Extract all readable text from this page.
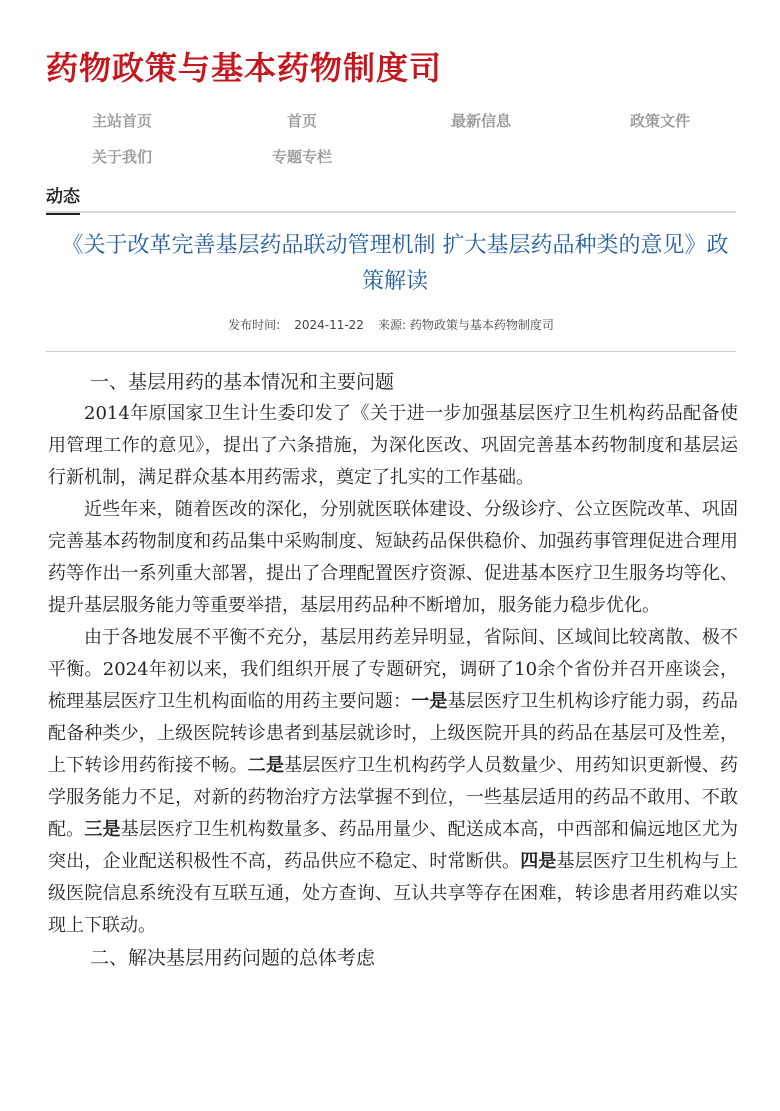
药物政策与基本药物制度司
主站首页	首页	最新信息	政策文件
关于我们	专题专栏
动态
《关于改革完善基层药品联动管理机制 扩大基层药品种类的意见》政策解读
发布时间: 2024-11-22 来源: 药物政策与基本药物制度司
一、基层用药的基本情况和主要问题

2014年原国家卫生计生委印发了《关于进一步加强基层医疗卫生机构药品配备使用管理工作的意见》，提出了六条措施，为深化医改、巩固完善基本药物制度和基层运行新机制，满足群众基本用药需求，奠定了扎实的工作基础。

近些年来，随着医改的深化，分别就医联体建设、分级诊疗、公立医院改革、巩固完善基本药物制度和药品集中采购制度、短缺药品保供稳价、加强药事管理促进合理用药等作出一系列重大部署，提出了合理配置医疗资源、促进基本医疗卫生服务均等化、提升基层服务能力等重要举措，基层用药品种不断增加，服务能力稳步优化。

由于各地发展不平衡不充分，基层用药差异明显，省际间、区域间比较离散、极不平衡。2024年初以来，我们组织开展了专题研究，调研了10余个省份并召开座谈会，梳理基层医疗卫生机构面临的用药主要问题：一是基层医疗卫生机构诊疗能力弱，药品配备种类少，上级医院转诊患者到基层就诊时，上级医院开具的药品在基层可及性差，上下转诊用药衔接不畅。二是基层医疗卫生机构药学人员数量少、用药知识更新慢、药学服务能力不足，对新的药物治疗方法掌握不到位，一些基层适用的药品不敢用、不敢配。三是基层医疗卫生机构数量多、药品用量少、配送成本高，中西部和偏远地区尤为突出，企业配送积极性不高，药品供应不稳定、时常断供。四是基层医疗卫生机构与上级医院信息系统没有互联互通，处方查询、互认共享等存在困难，转诊患者用药难以实现上下联动。

二、解决基层用药问题的总体考虑
